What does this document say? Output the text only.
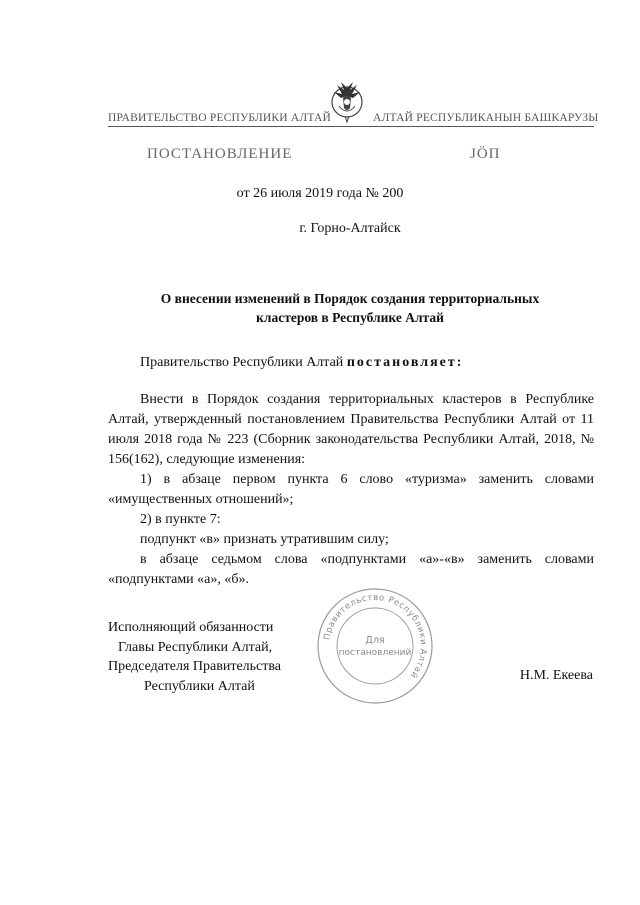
ПРАВИТЕЛЬСТВО РЕСПУБЛИКИ АЛТАЙ	АЛТАЙ РЕСПУБЛИКАНЫН БАШКАРУЗЫ
ПОСТАНОВЛЕНИЕ	JÖП
от 26 июля 2019 года № 200
г. Горно-Алтайск
О внесении изменений в Порядок создания территориальных
кластеров в Республике Алтай
Правительство Республики Алтай постановляет:

Внести в Порядок создания территориальных кластеров в Республике Алтай, утвержденный постановлением Правительства Республики Алтай от 11 июля 2018 года № 223 (Сборник законодательства Республики Алтай, 2018, № 156(162), следующие изменения:

1) в абзаце первом пункта 6 слово «туризма» заменить словами «имущественных отношений»;

2) в пункте 7:

подпункт «в» признать утратившим силу;

в абзаце седьмом слова «подпунктами «а»-«в» заменить словами «подпунктами «а», «б».

Правительство Республики Алтай
Для
постановлений
Исполняющий обязанности
Главы Республики Алтай,
Председателя Правительства
Республики Алтай
Н.М. Екеева
